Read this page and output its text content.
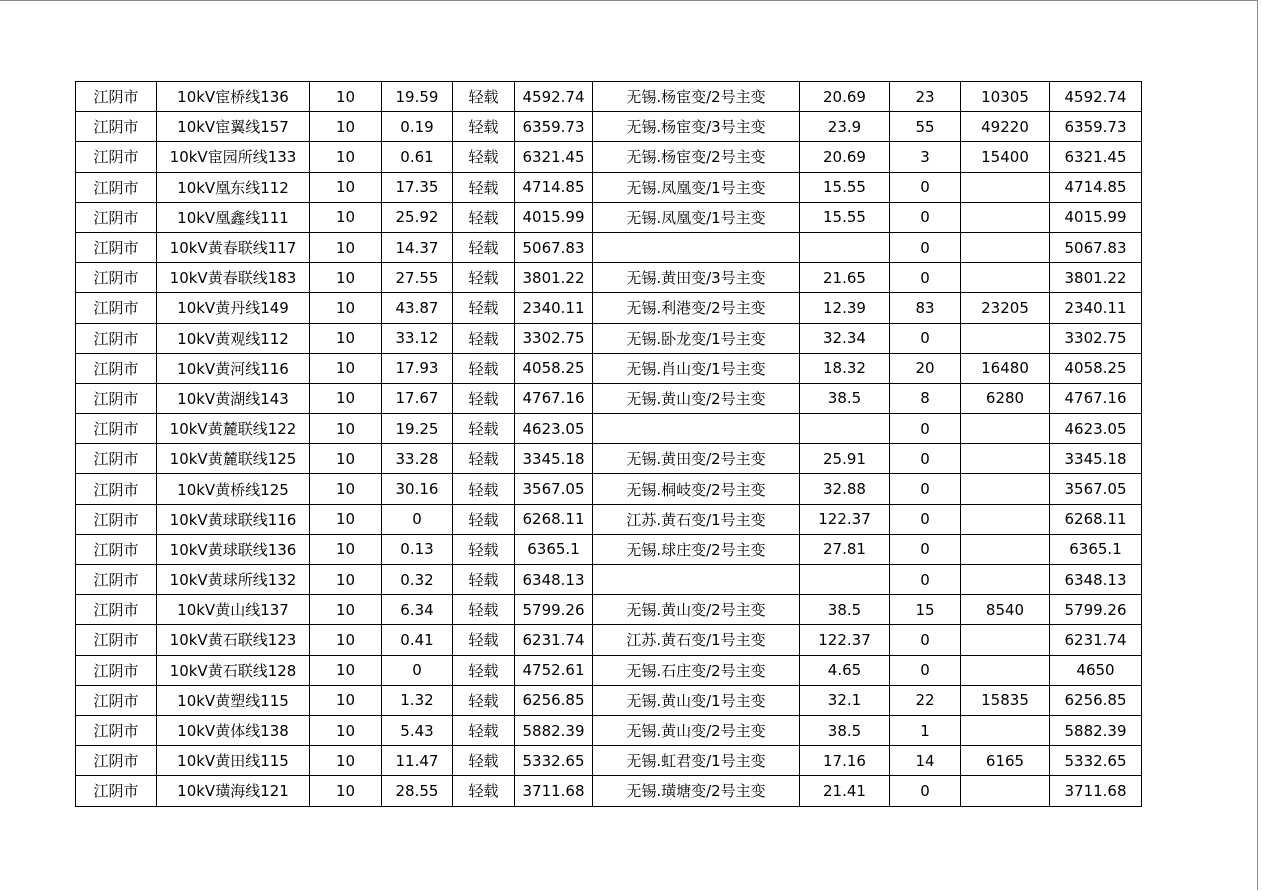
江阴市	10kV宦桥线136	10	19.59	轻载	4592.74	无锡.杨宦变/2号主变	20.69	23	10305	4592.74
江阴市	10kV宦翼线157	10	0.19	轻载	6359.73	无锡.杨宦变/3号主变	23.9	55	49220	6359.73
江阴市	10kV宦园所线133	10	0.61	轻载	6321.45	无锡.杨宦变/2号主变	20.69	3	15400	6321.45
江阴市	10kV凰东线112	10	17.35	轻载	4714.85	无锡.凤凰变/1号主变	15.55	0		4714.85
江阴市	10kV凰鑫线111	10	25.92	轻载	4015.99	无锡.凤凰变/1号主变	15.55	0		4015.99
江阴市	10kV黄春联线117	10	14.37	轻载	5067.83			0		5067.83
江阴市	10kV黄春联线183	10	27.55	轻载	3801.22	无锡.黄田变/3号主变	21.65	0		3801.22
江阴市	10kV黄丹线149	10	43.87	轻载	2340.11	无锡.利港变/2号主变	12.39	83	23205	2340.11
江阴市	10kV黄观线112	10	33.12	轻载	3302.75	无锡.卧龙变/1号主变	32.34	0		3302.75
江阴市	10kV黄河线116	10	17.93	轻载	4058.25	无锡.肖山变/1号主变	18.32	20	16480	4058.25
江阴市	10kV黄湖线143	10	17.67	轻载	4767.16	无锡.黄山变/2号主变	38.5	8	6280	4767.16
江阴市	10kV黄麓联线122	10	19.25	轻载	4623.05			0		4623.05
江阴市	10kV黄麓联线125	10	33.28	轻载	3345.18	无锡.黄田变/2号主变	25.91	0		3345.18
江阴市	10kV黄桥线125	10	30.16	轻载	3567.05	无锡.桐岐变/2号主变	32.88	0		3567.05
江阴市	10kV黄球联线116	10	0	轻载	6268.11	江苏.黄石变/1号主变	122.37	0		6268.11
江阴市	10kV黄球联线136	10	0.13	轻载	6365.1	无锡.球庄变/2号主变	27.81	0		6365.1
江阴市	10kV黄球所线132	10	0.32	轻载	6348.13			0		6348.13
江阴市	10kV黄山线137	10	6.34	轻载	5799.26	无锡.黄山变/2号主变	38.5	15	8540	5799.26
江阴市	10kV黄石联线123	10	0.41	轻载	6231.74	江苏.黄石变/1号主变	122.37	0		6231.74
江阴市	10kV黄石联线128	10	0	轻载	4752.61	无锡.石庄变/2号主变	4.65	0		4650
江阴市	10kV黄塑线115	10	1.32	轻载	6256.85	无锡.黄山变/1号主变	32.1	22	15835	6256.85
江阴市	10kV黄体线138	10	5.43	轻载	5882.39	无锡.黄山变/2号主变	38.5	1		5882.39
江阴市	10kV黄田线115	10	11.47	轻载	5332.65	无锡.虹君变/1号主变	17.16	14	6165	5332.65
江阴市	10kV璜海线121	10	28.55	轻载	3711.68	无锡.璜塘变/2号主变	21.41	0		3711.68
